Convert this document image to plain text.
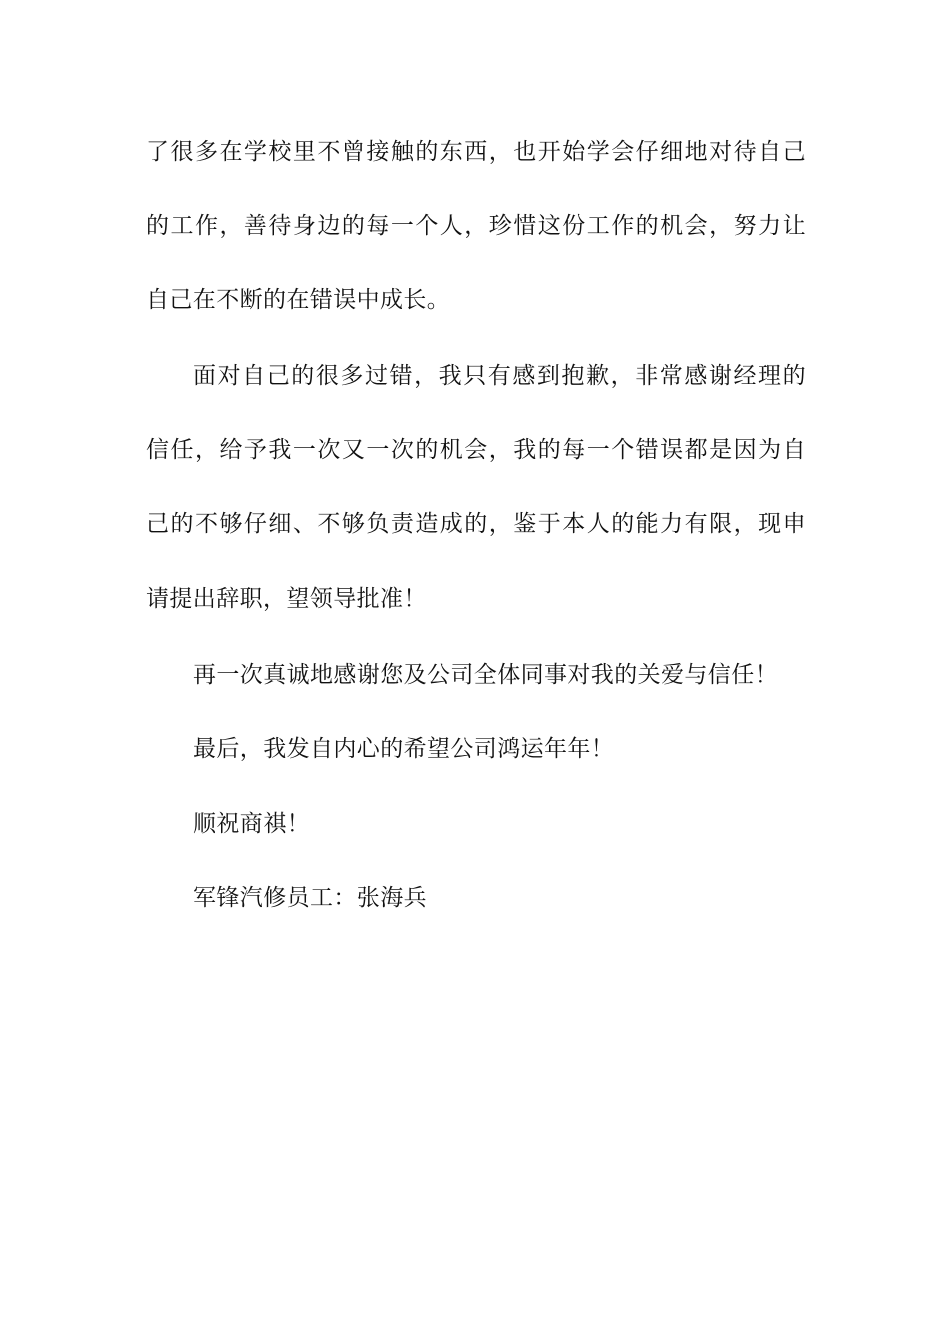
了很多在学校里不曾接触的东西，也开始学会仔细地对待自己
的工作，善待身边的每一个人，珍惜这份工作的机会，努力让
自己在不断的在错误中成长。
面对自己的很多过错，我只有感到抱歉，非常感谢经理的
信任，给予我一次又一次的机会，我的每一个错误都是因为自
己的不够仔细、不够负责造成的，鉴于本人的能力有限，现申
请提出辞职，望领导批准！
再一次真诚地感谢您及公司全体同事对我的关爱与信任！
最后，我发自内心的希望公司鸿运年年！
顺祝商祺！
军锋汽修员工：张海兵
